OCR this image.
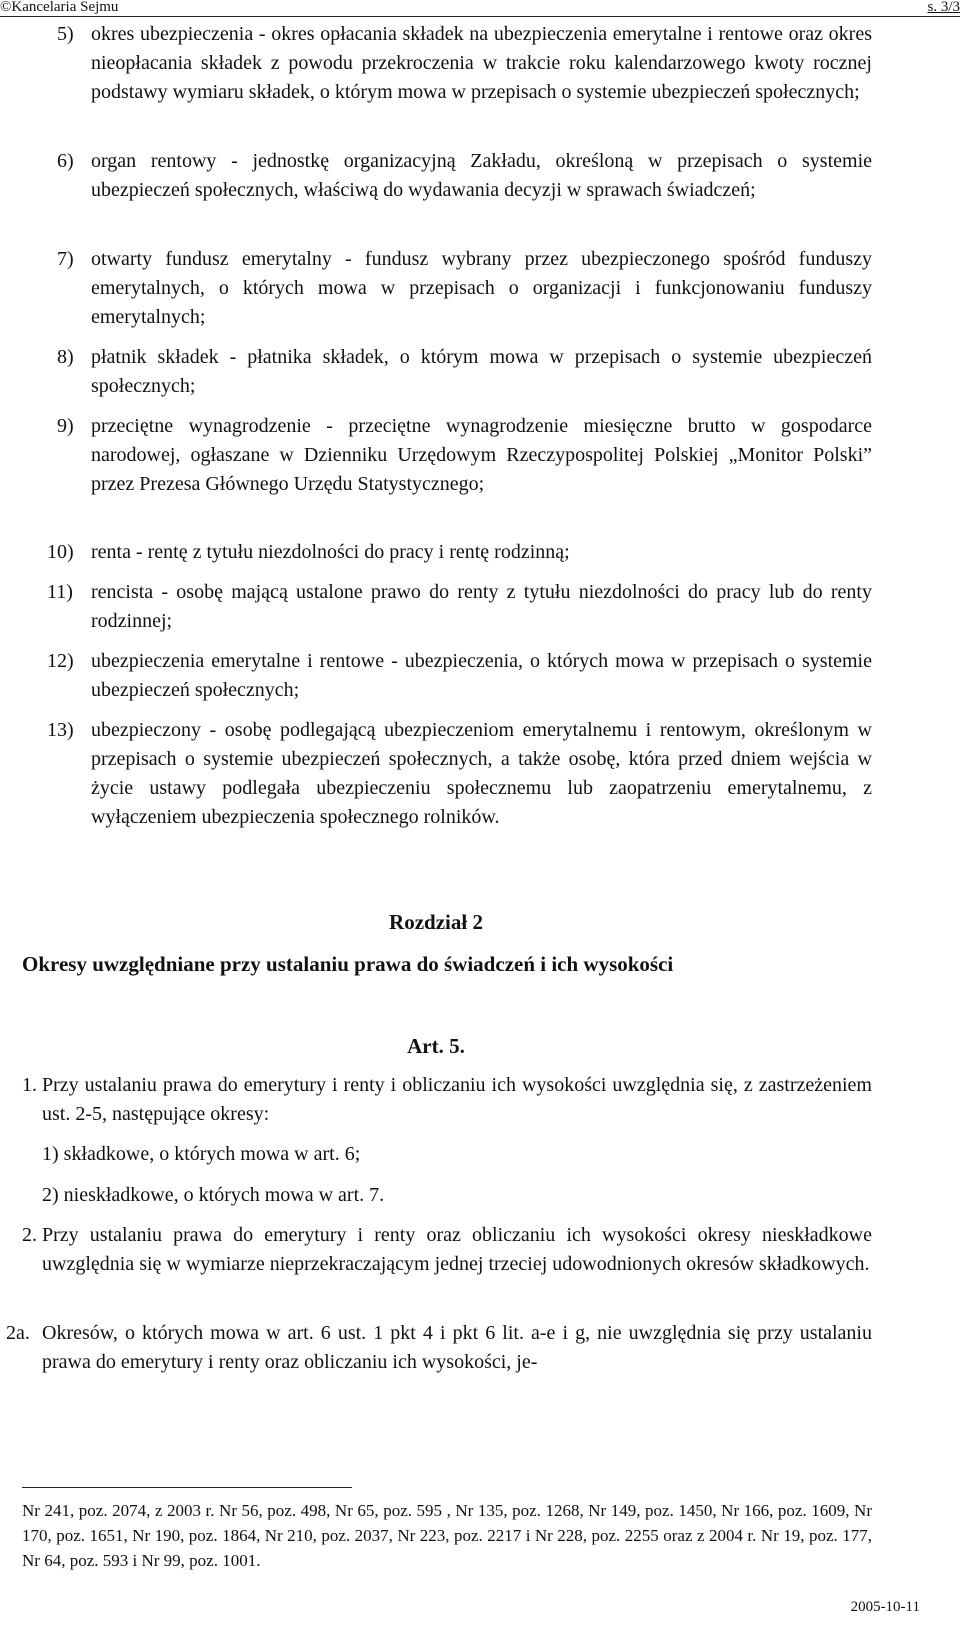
©Kancelaria Sejmu	s. 3/3
5) okres ubezpieczenia - okres opłacania składek na ubezpieczenia emerytalne i rentowe oraz okres nieopłacania składek z powodu przekroczenia w trakcie roku kalendarzowego kwoty rocznej podstawy wymiaru składek, o którym mowa w przepisach o systemie ubezpieczeń społecznych;
6) organ rentowy - jednostkę organizacyjną Zakładu, określoną w przepisach o systemie ubezpieczeń społecznych, właściwą do wydawania decyzji w sprawach świadczeń;
7) otwarty fundusz emerytalny - fundusz wybrany przez ubezpieczonego spośród funduszy emerytalnych, o których mowa w przepisach o organizacji i funkcjonowaniu funduszy emerytalnych;
8) płatnik składek - płatnika składek, o którym mowa w przepisach o systemie ubezpieczeń społecznych;
9) przeciętne wynagrodzenie - przeciętne wynagrodzenie miesięczne brutto w gospodarce narodowej, ogłaszane w Dzienniku Urzędowym Rzeczypospolitej Polskiej „Monitor Polski” przez Prezesa Głównego Urzędu Statystycznego;
10) renta - rentę z tytułu niezdolności do pracy i rentę rodzinną;
11) rencista - osobę mającą ustalone prawo do renty z tytułu niezdolności do pracy lub do renty rodzinnej;
12) ubezpieczenia emerytalne i rentowe - ubezpieczenia, o których mowa w przepisach o systemie ubezpieczeń społecznych;
13) ubezpieczony - osobę podlegającą ubezpieczeniom emerytalnemu i rentowym, określonym w przepisach o systemie ubezpieczeń społecznych, a także osobę, która przed dniem wejścia w życie ustawy podlegała ubezpieczeniu społecznemu lub zaopatrzeniu emerytalnemu, z wyłączeniem ubezpieczenia społecznego rolników.
Rozdział 2
Okresy uwzględniane przy ustalaniu prawa do świadczeń i ich wysokości
Art. 5.
1. Przy ustalaniu prawa do emerytury i renty i obliczaniu ich wysokości uwzględnia się, z zastrzeżeniem ust. 2-5, następujące okresy:
1) składkowe, o których mowa w art. 6;
2) nieskładkowe, o których mowa w art. 7.
2. Przy ustalaniu prawa do emerytury i renty oraz obliczaniu ich wysokości okresy nieskładkowe uwzględnia się w wymiarze nieprzekraczającym jednej trzeciej udowodnionych okresów składkowych.
2a. Okresów, o których mowa w art. 6 ust. 1 pkt 4 i pkt 6 lit. a-e i g, nie uwzględnia się przy ustalaniu prawa do emerytury i renty oraz obliczaniu ich wysokości, je-
Nr 241, poz. 2074, z 2003 r. Nr 56, poz. 498, Nr 65, poz. 595 , Nr 135, poz. 1268, Nr 149, poz. 1450, Nr 166, poz. 1609, Nr 170, poz. 1651, Nr 190, poz. 1864, Nr 210, poz. 2037, Nr 223, poz. 2217 i Nr 228, poz. 2255 oraz z 2004 r. Nr 19, poz. 177, Nr 64, poz. 593 i Nr 99, poz. 1001.
2005-10-11
